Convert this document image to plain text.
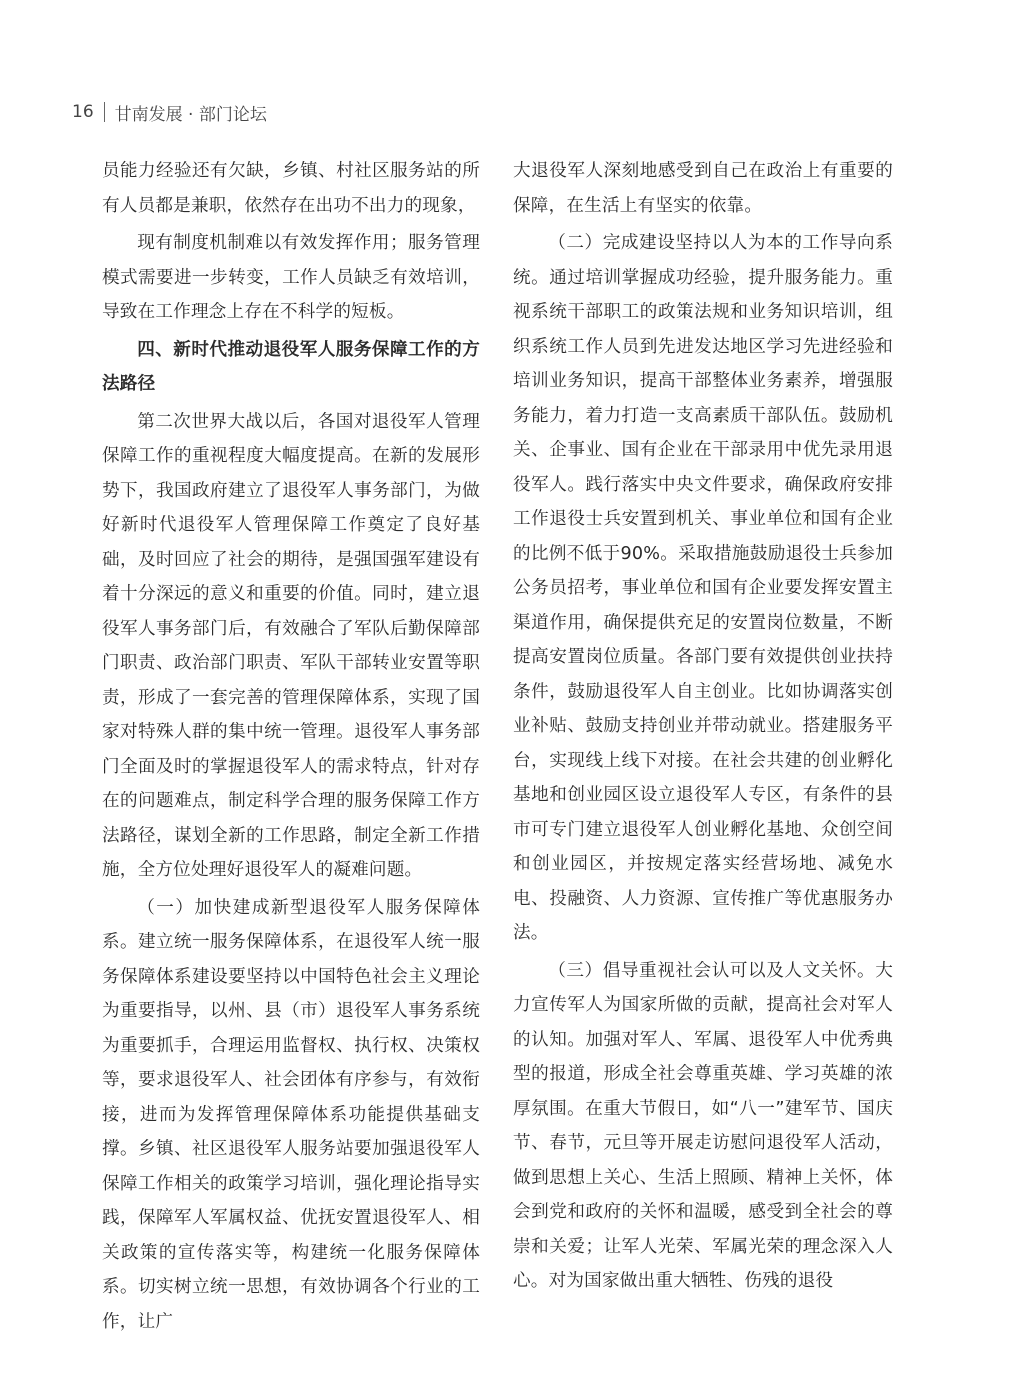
16 甘南发展 · 部门论坛

员能力经验还有欠缺，乡镇、村社区服务站的所有人员都是兼职，依然存在出功不出力的现象，

现有制度机制难以有效发挥作用；服务管理模式需要进一步转变，工作人员缺乏有效培训，导致在工作理念上存在不科学的短板。

四、新时代推动退役军人服务保障工作的方法路径

第二次世界大战以后，各国对退役军人管理保障工作的重视程度大幅度提高。在新的发展形势下，我国政府建立了退役军人事务部门，为做好新时代退役军人管理保障工作奠定了良好基础，及时回应了社会的期待，是强国强军建设有着十分深远的意义和重要的价值。同时，建立退役军人事务部门后，有效融合了军队后勤保障部门职责、政治部门职责、军队干部转业安置等职责，形成了一套完善的管理保障体系，实现了国家对特殊人群的集中统一管理。退役军人事务部门全面及时的掌握退役军人的需求特点，针对存在的问题难点，制定科学合理的服务保障工作方法路径，谋划全新的工作思路，制定全新工作措施，全方位处理好退役军人的凝难问题。

（一）加快建成新型退役军人服务保障体系。建立统一服务保障体系，在退役军人统一服务保障体系建设要坚持以中国特色社会主义理论为重要指导，以州、县（市）退役军人事务系统为重要抓手，合理运用监督权、执行权、决策权等，要求退役军人、社会团体有序参与，有效衔接，进而为发挥管理保障体系功能提供基础支撑。乡镇、社区退役军人服务站要加强退役军人保障工作相关的政策学习培训，强化理论指导实践，保障军人军属权益、优抚安置退役军人、相关政策的宣传落实等，构建统一化服务保障体系。切实树立统一思想，有效协调各个行业的工作，让广

大退役军人深刻地感受到自己在政治上有重要的保障，在生活上有坚实的依靠。

（二）完成建设坚持以人为本的工作导向系统。通过培训掌握成功经验，提升服务能力。重视系统干部职工的政策法规和业务知识培训，组织系统工作人员到先进发达地区学习先进经验和培训业务知识，提高干部整体业务素养，增强服务能力，着力打造一支高素质干部队伍。鼓励机关、企事业、国有企业在干部录用中优先录用退役军人。践行落实中央文件要求，确保政府安排工作退役士兵安置到机关、事业单位和国有企业的比例不低于90%。采取措施鼓励退役士兵参加公务员招考，事业单位和国有企业要发挥安置主渠道作用，确保提供充足的安置岗位数量，不断提高安置岗位质量。各部门要有效提供创业扶持条件，鼓励退役军人自主创业。比如协调落实创业补贴、鼓励支持创业并带动就业。搭建服务平台，实现线上线下对接。在社会共建的创业孵化基地和创业园区设立退役军人专区，有条件的县市可专门建立退役军人创业孵化基地、众创空间和创业园区，并按规定落实经营场地、减免水电、投融资、人力资源、宣传推广等优惠服务办法。

（三）倡导重视社会认可以及人文关怀。大力宣传军人为国家所做的贡献，提高社会对军人的认知。加强对军人、军属、退役军人中优秀典型的报道，形成全社会尊重英雄、学习英雄的浓厚氛围。在重大节假日，如“八一”建军节、国庆节、春节，元旦等开展走访慰问退役军人活动，做到思想上关心、生活上照顾、精神上关怀，体会到党和政府的关怀和温暖，感受到全社会的尊崇和关爱；让军人光荣、军属光荣的理念深入人心。对为国家做出重大牺牲、伤残的退役
